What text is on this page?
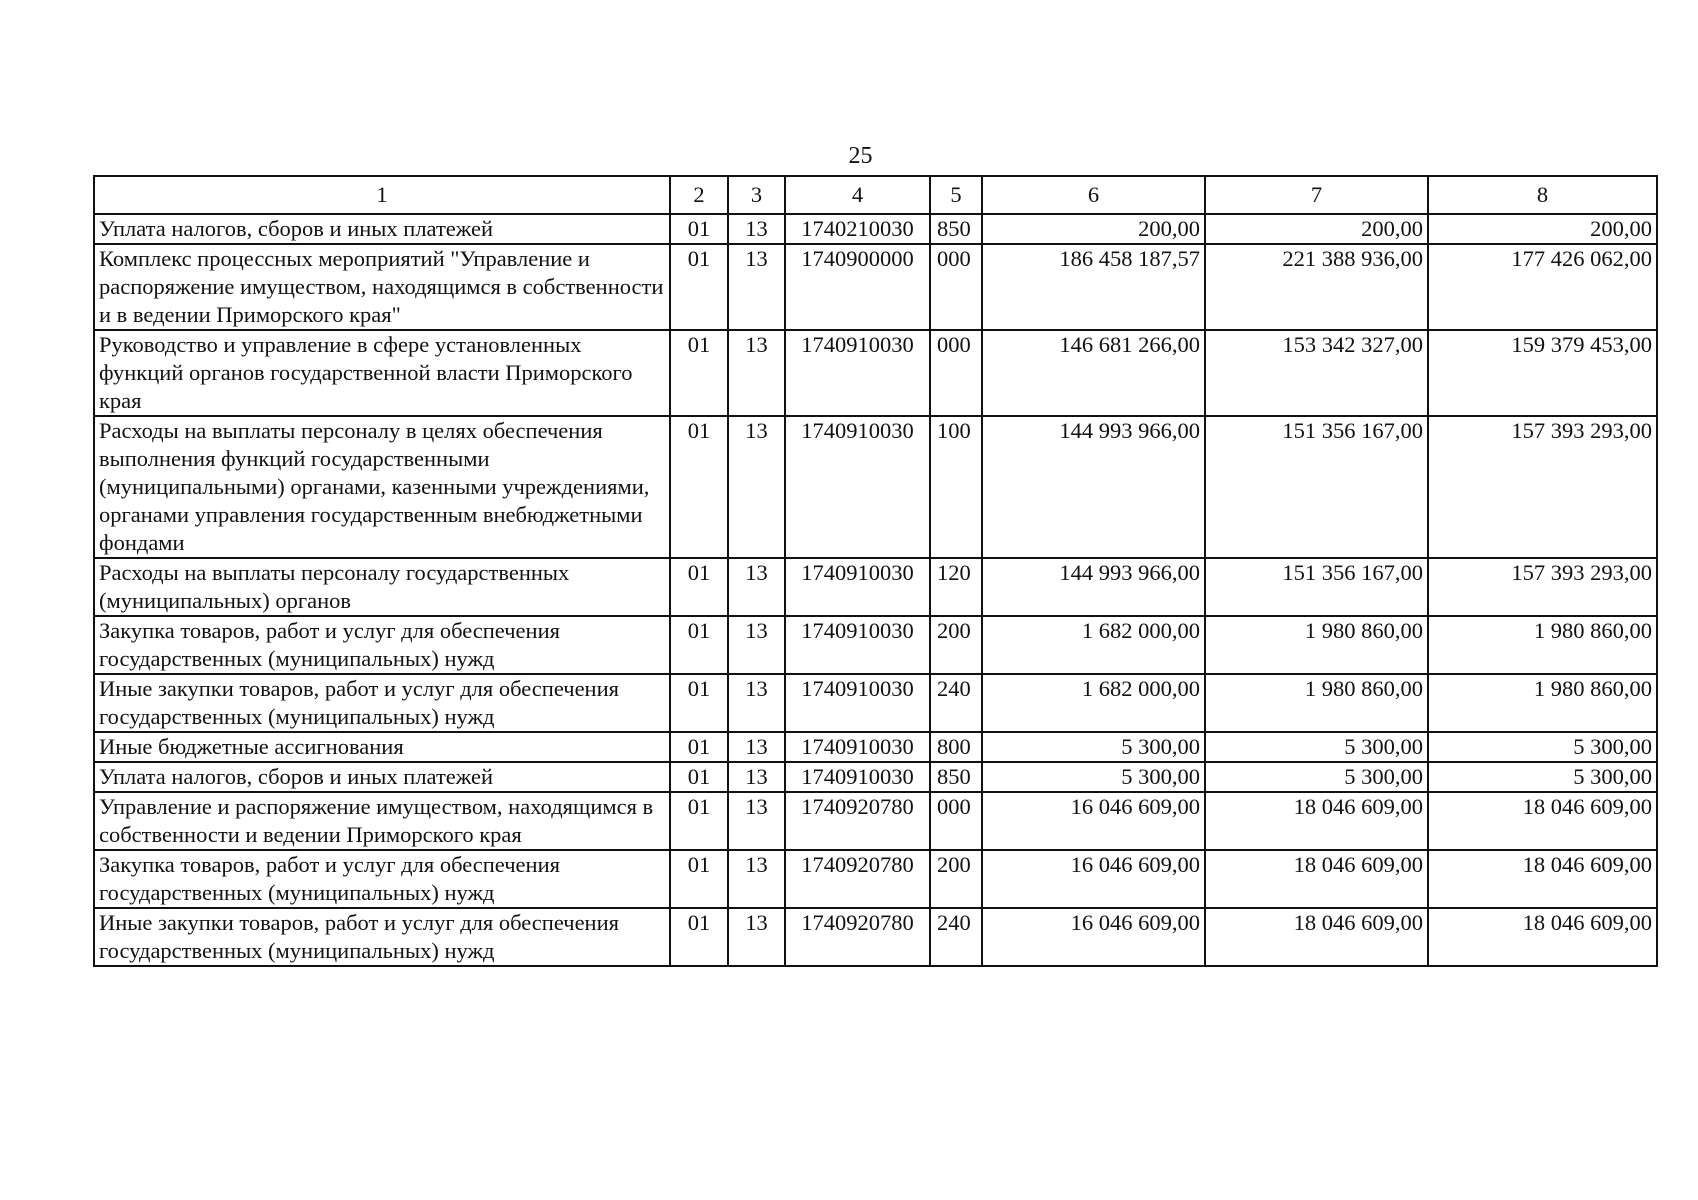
25
1	2	3	4	5	6	7	8
Уплата налогов, сборов и иных платежей	01	13	1740210030	850	200,00	200,00	200,00
Комплекс процессных мероприятий "Управление и распоряжение имуществом, находящимся в собственности и в ведении Приморского края"	01	13	1740900000	000	186 458 187,57	221 388 936,00	177 426 062,00
Руководство и управление в сфере установленных функций органов государственной власти Приморского края	01	13	1740910030	000	146 681 266,00	153 342 327,00	159 379 453,00
Расходы на выплаты персоналу в целях обеспечения выполнения функций государственными (муниципальными) органами, казенными учреждениями, органами управления государственным внебюджетными фондами	01	13	1740910030	100	144 993 966,00	151 356 167,00	157 393 293,00
Расходы на выплаты персоналу государственных (муниципальных) органов	01	13	1740910030	120	144 993 966,00	151 356 167,00	157 393 293,00
Закупка товаров, работ и услуг для обеспечения государственных (муниципальных) нужд	01	13	1740910030	200	1 682 000,00	1 980 860,00	1 980 860,00
Иные закупки товаров, работ и услуг для обеспечения государственных (муниципальных) нужд	01	13	1740910030	240	1 682 000,00	1 980 860,00	1 980 860,00
Иные бюджетные ассигнования	01	13	1740910030	800	5 300,00	5 300,00	5 300,00
Уплата налогов, сборов и иных платежей	01	13	1740910030	850	5 300,00	5 300,00	5 300,00
Управление и распоряжение имуществом, находящимся в собственности и ведении Приморского края	01	13	1740920780	000	16 046 609,00	18 046 609,00	18 046 609,00
Закупка товаров, работ и услуг для обеспечения государственных (муниципальных) нужд	01	13	1740920780	200	16 046 609,00	18 046 609,00	18 046 609,00
Иные закупки товаров, работ и услуг для обеспечения государственных (муниципальных) нужд	01	13	1740920780	240	16 046 609,00	18 046 609,00	18 046 609,00
